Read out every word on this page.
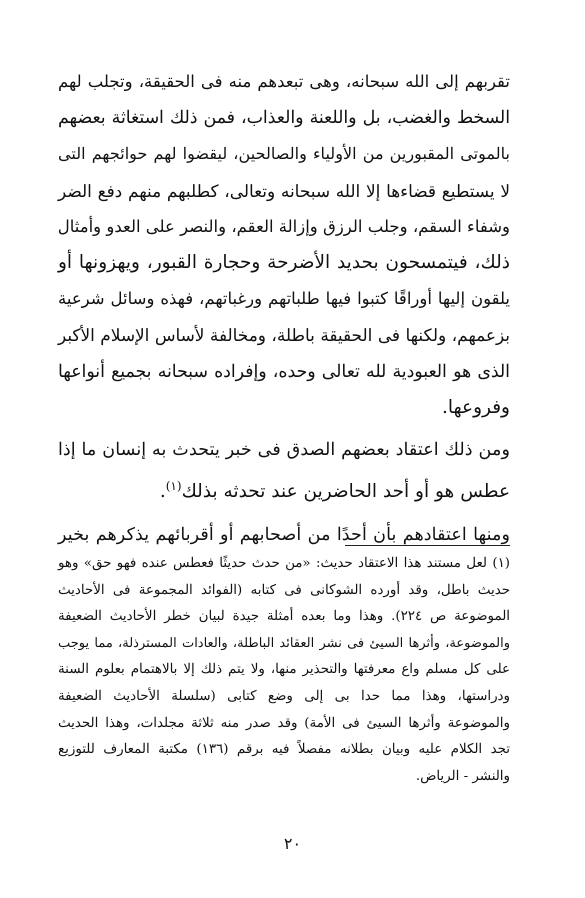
تقربهم إلى الله سبحانه، وهى تبعدهم منه فى الحقيقة، وتجلب لهم
السخط والغضب، بل واللعنة والعذاب، فمن ذلك استغاثة بعضهم
بالموتى المقبورين من الأولياء والصالحين، ليقضوا لهم حوائجهم التى
لا يستطيع قضاءها إلا الله سبحانه وتعالى، كطلبهم منهم دفع الضر
وشفاء السقم، وجلب الرزق وإزالة العقم، والنصر على العدو وأمثال
ذلك، فيتمسحون بحديد الأضرحة وحجارة القبور، ويهزونها أو
يلقون إليها أوراقًا كتبوا فيها طلباتهم ورغباتهم، فهذه وسائل شرعية
بزعمهم، ولكنها فى الحقيقة باطلة، ومخالفة لأساس الإسلام الأكبر
الذى هو العبودية لله تعالى وحده، وإفراده سبحانه بجميع أنواعها
وفروعها.

ومن ذلك اعتقاد بعضهم الصدق فى خبر يتحدث به إنسان ما إذا
عطس هو أو أحد الحاضرين عند تحدثه بذلك$^{(١)}$.

ومنها اعتقادهم بأن أحدًا من أصحابهم أو أقربائهم يذكرهم بخير

(١) لعل مستند هذا الاعتقاد حديث: «من حدث حديثًا فعطس عنده فهو حق» وهو
حديث باطل، وقد أورده الشوكانى فى كتابه (الفوائد المجموعة فى الأحاديث
الموضوعة ص ٢٢٤). وهذا وما بعده أمثلة جيدة لبيان خطر الأحاديث الضعيفة
والموضوعة، وأثرها السيئ فى نشر العقائد الباطلة، والعادات المسترذلة، مما يوجب
على كل مسلم واع معرفتها والتحذير منها، ولا يتم ذلك إلا بالاهتمام بعلوم السنة
ودراستها، وهذا مما حدا بى إلى وضع كتابى (سلسلة الأحاديث الضعيفة
والموضوعة وأثرها السيئ فى الأمة) وقد صدر منه ثلاثة مجلدات، وهذا الحديث
تجد الكلام عليه وبيان بطلانه مفصلاً فيه برقم (١٣٦) مكتبة المعارف للتوزيع
والنشر - الرياض.
٢٠
